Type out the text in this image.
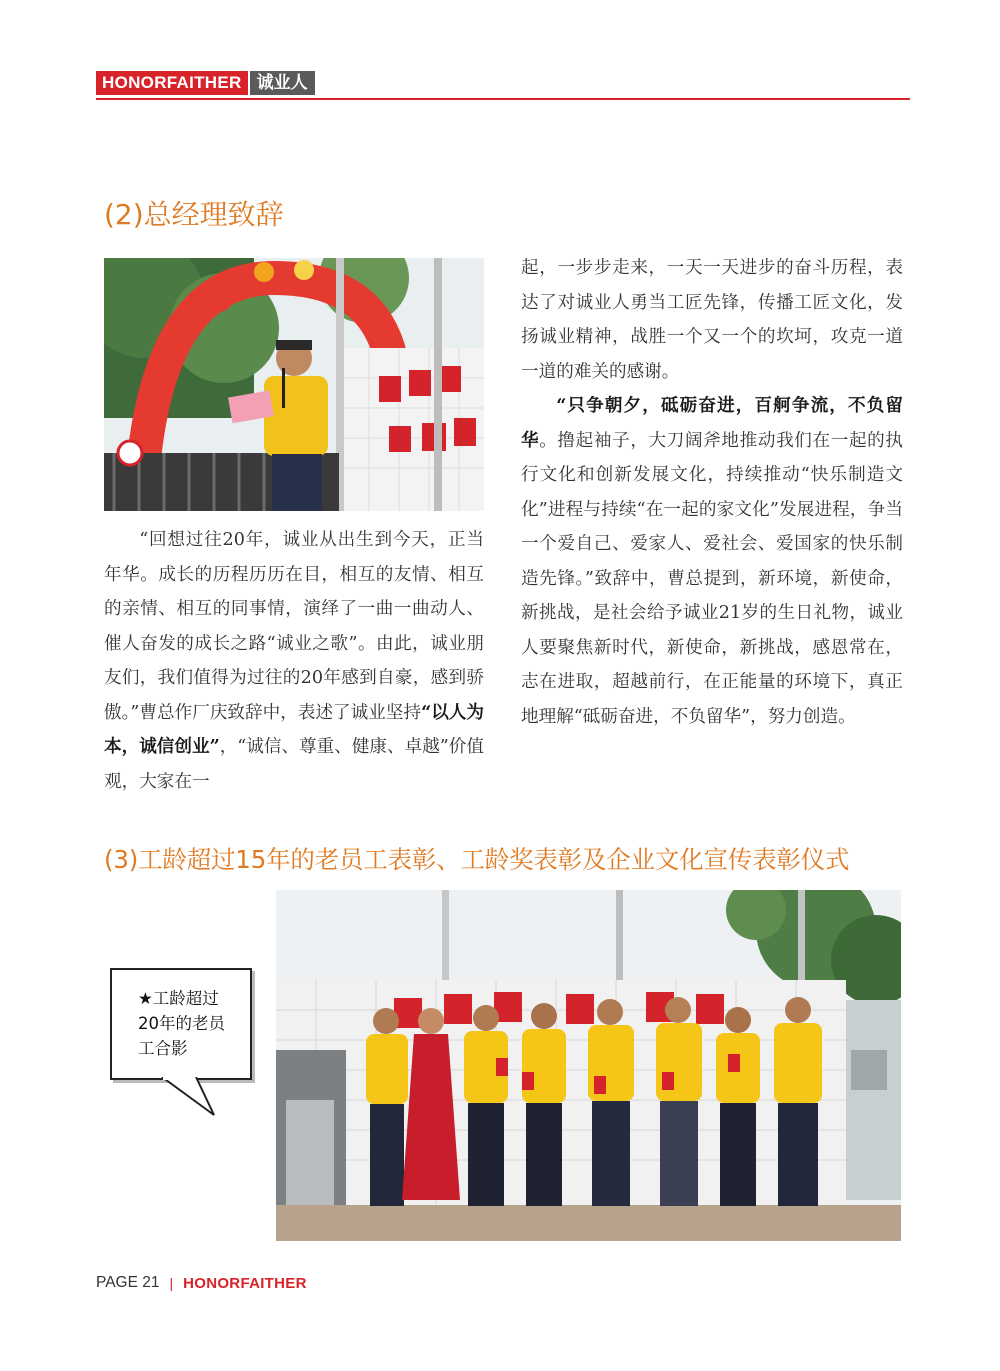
HONORFAITHER 诚业人
(2)总经理致辞

“回想过往20年，诚业从出生到今天，正当年华。成长的历程历历在目，相互的友情、相互的亲情、相互的同事情，演绎了一曲一曲动人、催人奋发的成长之路“诚业之歌”。由此，诚业朋友们，我们值得为过往的20年感到自豪，感到骄傲。”曹总作厂庆致辞中，表述了诚业坚持“以人为本，诚信创业”，“诚信、尊重、健康、卓越”价值观，大家在一

起，一步步走来，一天一天进步的奋斗历程，表达了对诚业人勇当工匠先锋，传播工匠文化，发扬诚业精神，战胜一个又一个的坎坷，攻克一道一道的难关的感谢。

“只争朝夕，砥砺奋进，百舸争流，不负留华。撸起袖子，大刀阔斧地推动我们在一起的执行文化和创新发展文化，持续推动“快乐制造文化”进程与持续“在一起的家文化”发展进程，争当一个爱自己、爱家人、爱社会、爱国家的快乐制造先锋。”致辞中，曹总提到，新环境，新使命，新挑战，是社会给予诚业21岁的生日礼物，诚业人要聚焦新时代，新使命，新挑战，感恩常在，志在进取，超越前行，在正能量的环境下，真正地理解“砥砺奋进，不负留华”，努力创造。

(3)工龄超过15年的老员工表彰、工龄奖表彰及企业文化宣传表彰仪式
★工龄超过
20年的老员
工合影
PAGE 21 | HONORFAITHER
